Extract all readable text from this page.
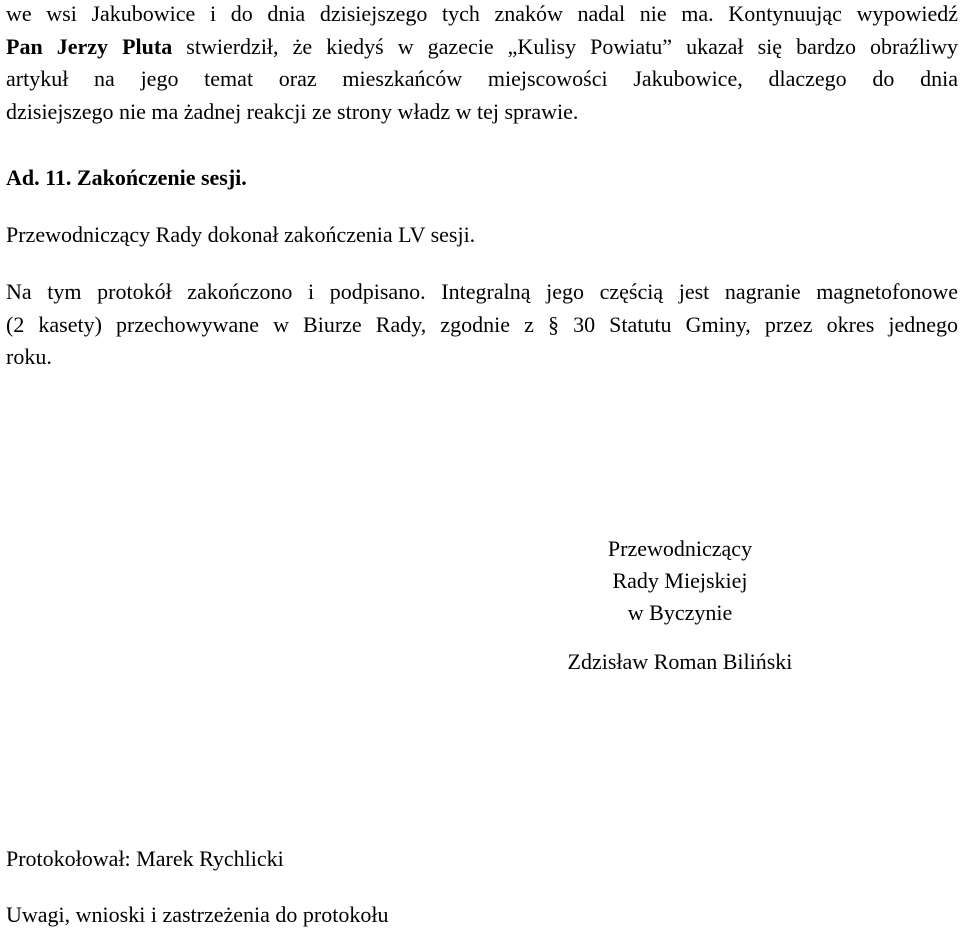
we wsi Jakubowice i do dnia dzisiejszego tych znaków nadal nie ma. Kontynuując wypowiedź
Pan Jerzy Pluta stwierdził, że kiedyś w gazecie „Kulisy Powiatu” ukazał się bardzo obraźliwy
artykuł na jego temat oraz mieszkańców miejscowości Jakubowice, dlaczego do dnia
dzisiejszego nie ma żadnej reakcji ze strony władz w tej sprawie.

Ad. 11. Zakończenie sesji.

Przewodniczący Rady dokonał zakończenia LV sesji.

Na tym protokół zakończono i podpisano. Integralną jego częścią jest nagranie magnetofonowe
(2 kasety) przechowywane w Biurze Rady, zgodnie z § 30 Statutu Gminy, przez okres jednego
roku.

Przewodniczący
Rady Miejskiej
w Byczynie
Zdzisław Roman Biliński

Protokołował: Marek Rychlicki

Uwagi, wnioski i zastrzeżenia do protokołu
